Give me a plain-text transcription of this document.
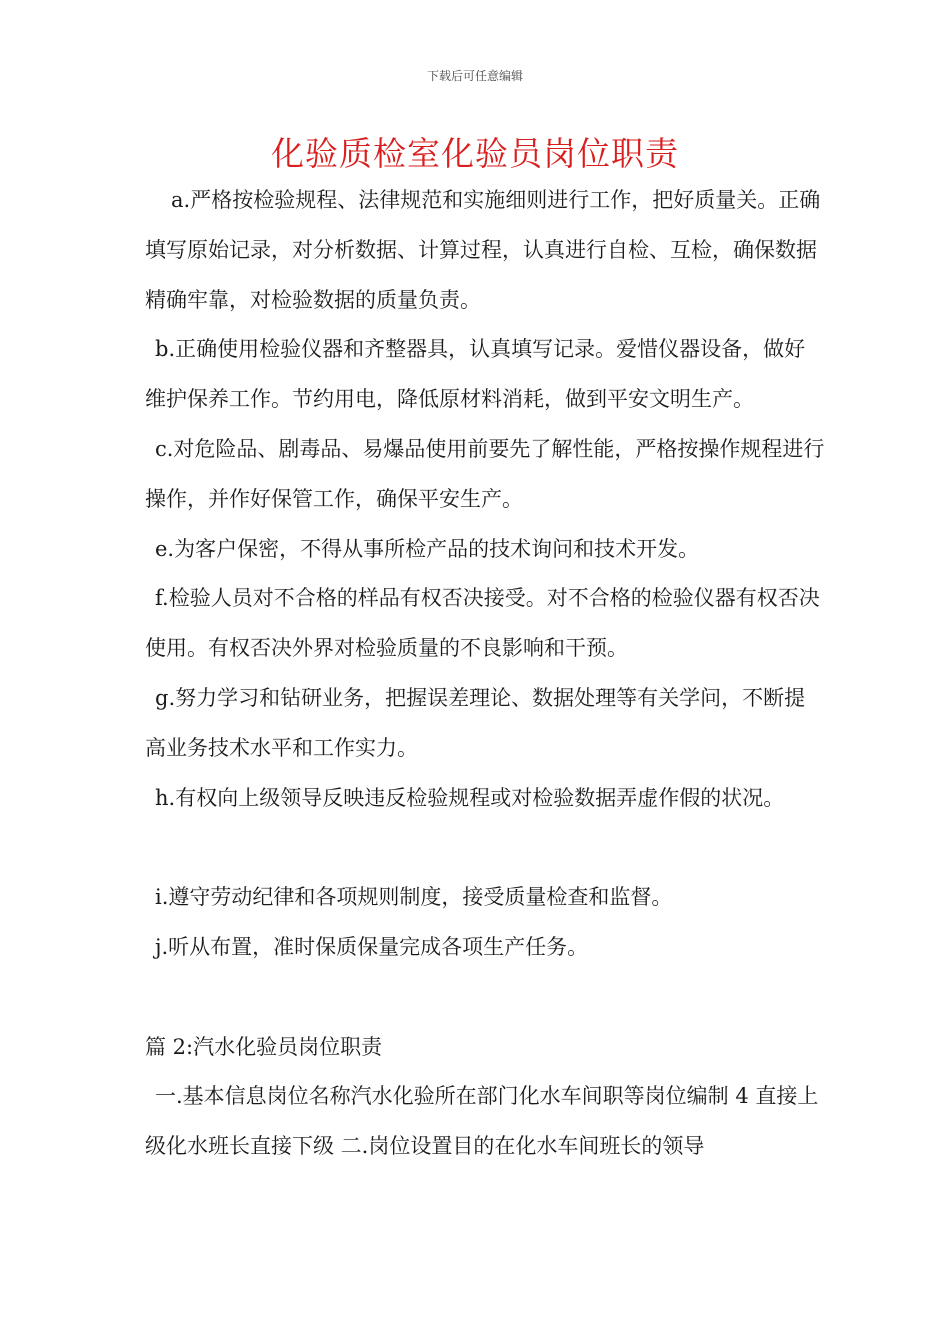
下载后可任意编辑
化验质检室化验员岗位职责

a.严格按检验规程、法律规范和实施细则进行工作，把好质量关。正确填写原始记录，对分析数据、计算过程，认真进行自检、互检，确保数据精确牢靠，对检验数据的质量负责。

b.正确使用检验仪器和齐整器具，认真填写记录。爱惜仪器设备，做好维护保养工作。节约用电，降低原材料消耗，做到平安文明生产。

c.对危险品、剧毒品、易爆品使用前要先了解性能，严格按操作规程进行操作，并作好保管工作，确保平安生产。

e.为客户保密，不得从事所检产品的技术询问和技术开发。

f.检验人员对不合格的样品有权否决接受。对不合格的检验仪器有权否决使用。有权否决外界对检验质量的不良影响和干预。

g.努力学习和钻研业务，把握误差理论、数据处理等有关学问，不断提高业务技术水平和工作实力。

h.有权向上级领导反映违反检验规程或对检验数据弄虚作假的状况。

i.遵守劳动纪律和各项规则制度，接受质量检查和监督。

j.听从布置，准时保质保量完成各项生产任务。

篇 2:汽水化验员岗位职责

一.基本信息岗位名称汽水化验所在部门化水车间职等岗位编制 4 直接上级化水班长直接下级 二.岗位设置目的在化水车间班长的领导
